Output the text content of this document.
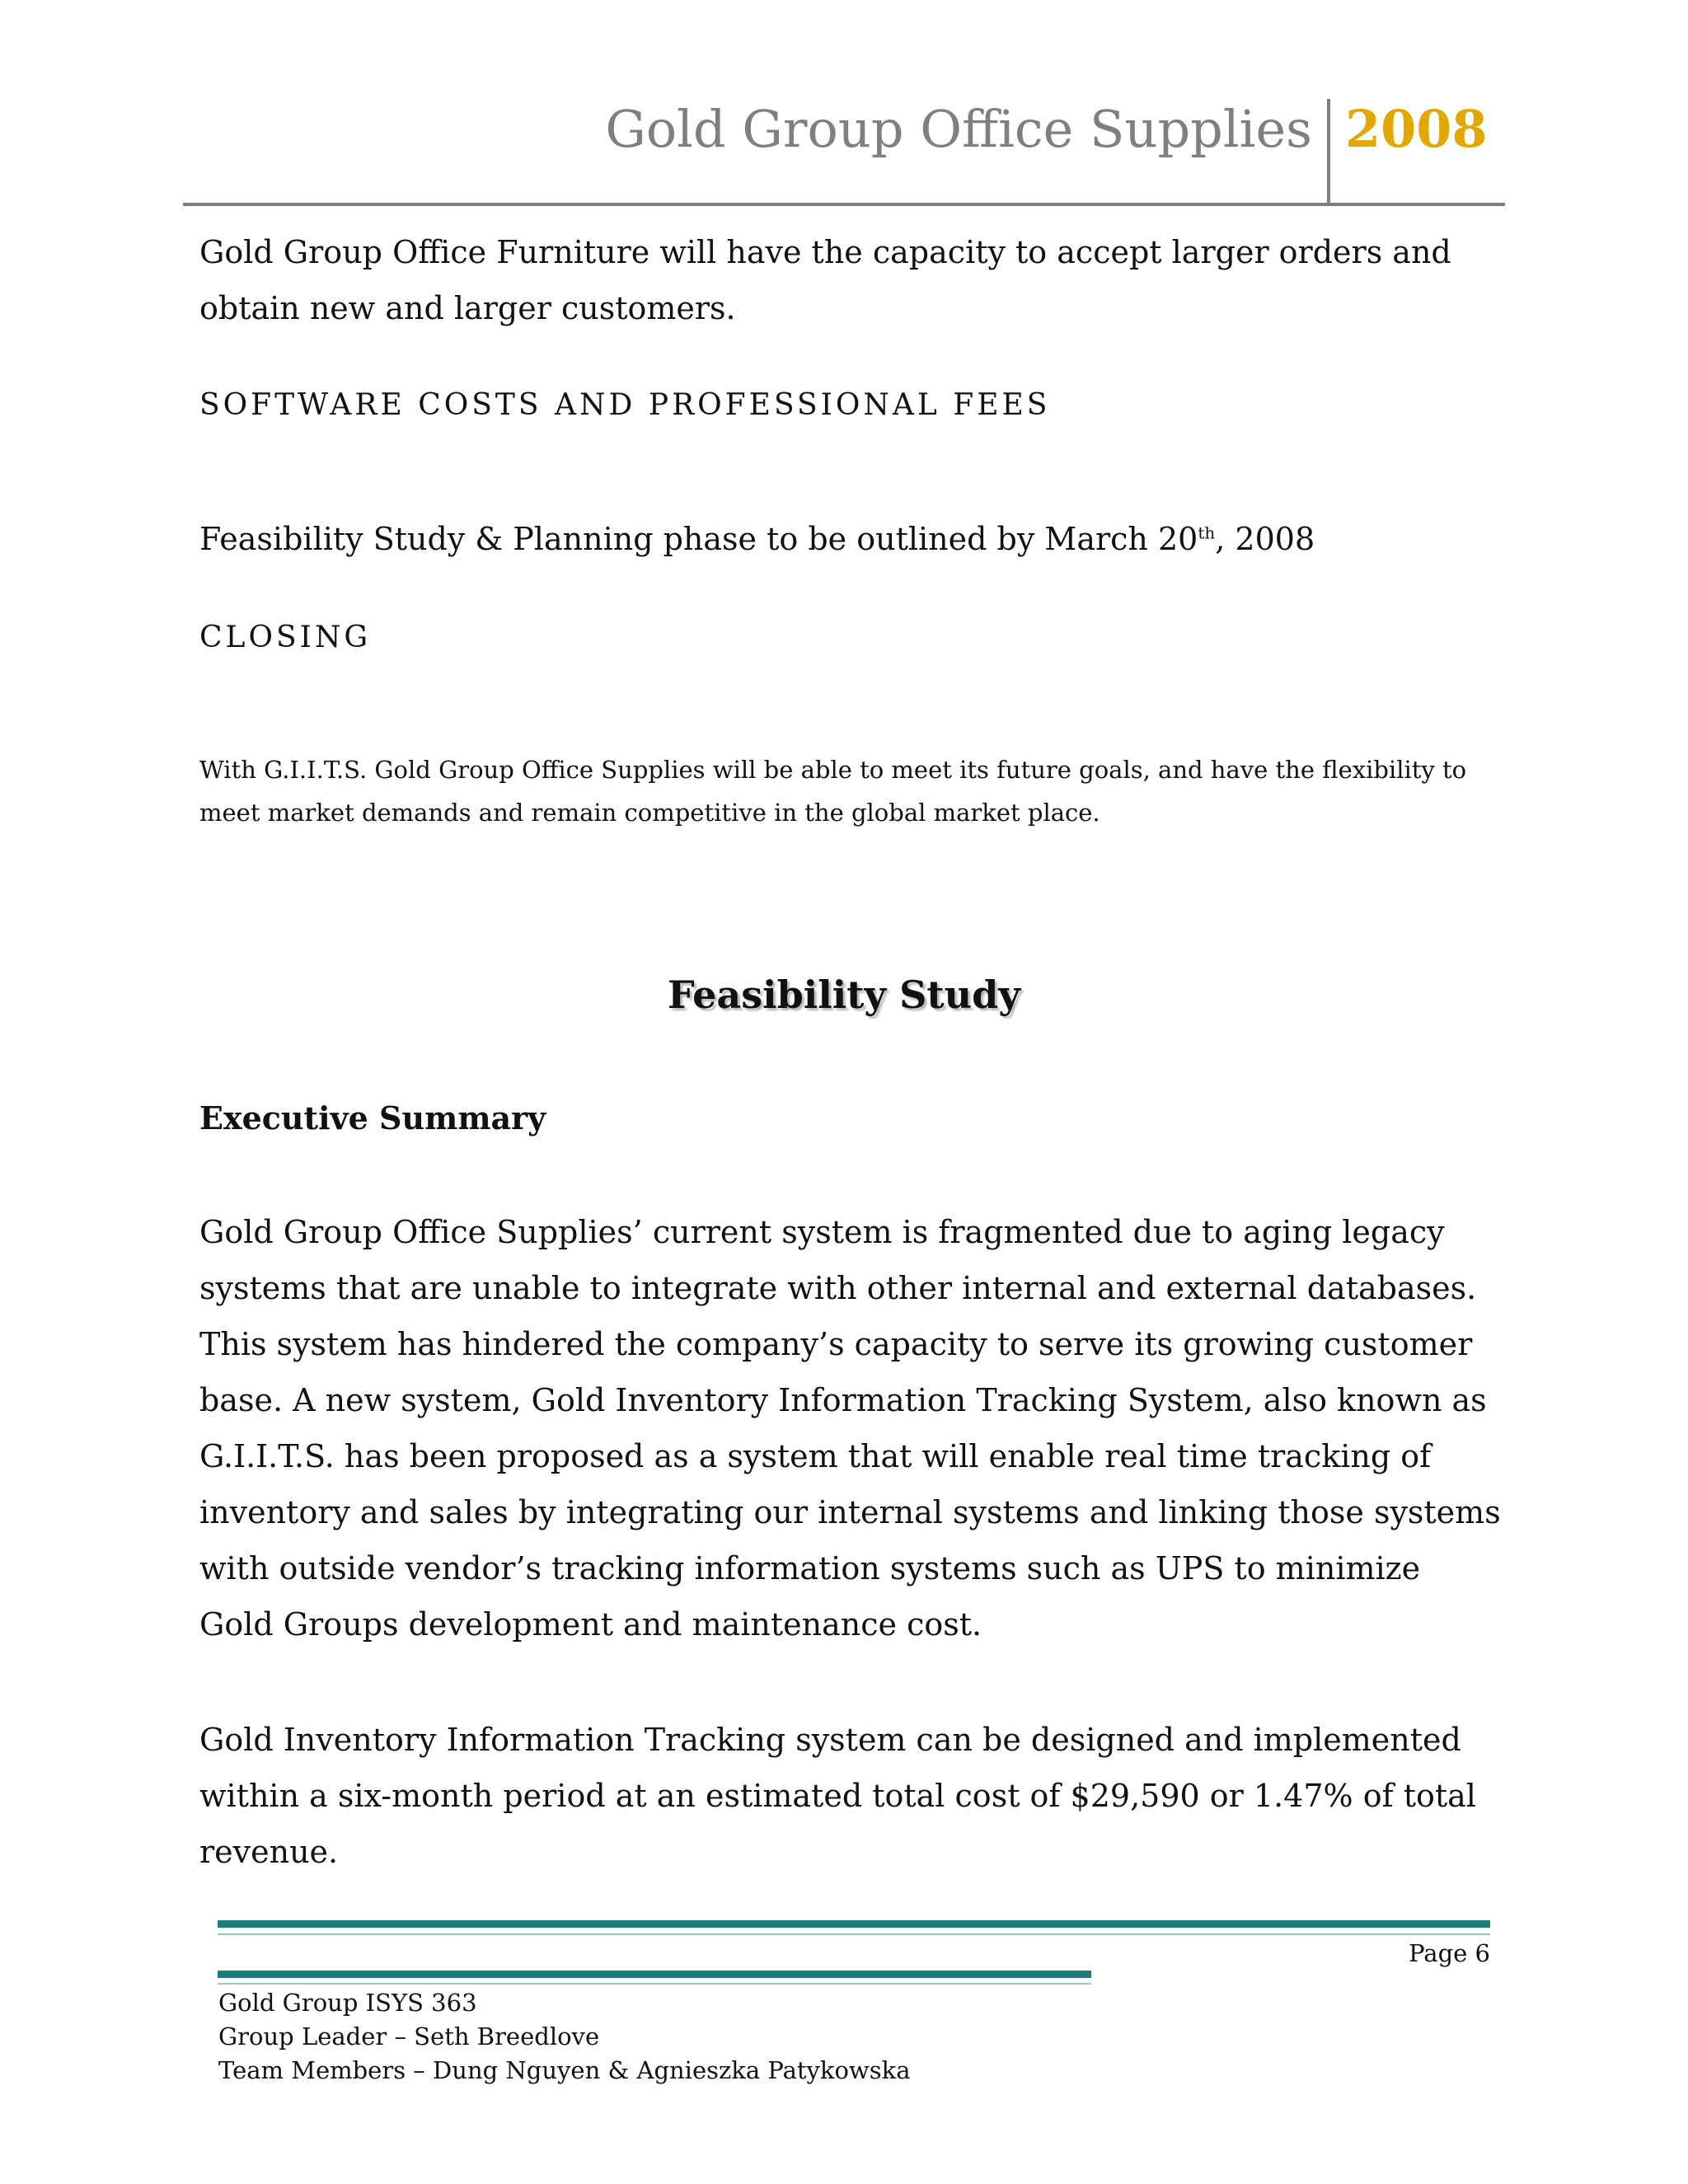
Gold Group Office Supplies 2008

Gold Group Office Furniture will have the capacity to accept larger orders and obtain new and larger customers.

SOFTWARE COSTS AND PROFESSIONAL FEES

Feasibility Study & Planning phase to be outlined by March 20th, 2008

CLOSING

With G.I.I.T.S. Gold Group Office Supplies will be able to meet its future goals, and have the flexibility to meet market demands and remain competitive in the global market place.

Feasibility Study

Executive Summary

Gold Group Office Supplies’ current system is fragmented due to aging legacy systems that are unable to integrate with other internal and external databases. This system has hindered the company’s capacity to serve its growing customer base. A new system, Gold Inventory Information Tracking System, also known as G.I.I.T.S. has been proposed as a system that will enable real time tracking of inventory and sales by integrating our internal systems and linking those systems with outside vendor’s tracking information systems such as UPS to minimize Gold Groups development and maintenance cost.

Gold Inventory Information Tracking system can be designed and implemented within a six-month period at an estimated total cost of $29,590 or 1.47% of total revenue.

Page 6
Gold Group ISYS 363
Group Leader – Seth Breedlove
Team Members – Dung Nguyen & Agnieszka Patykowska
